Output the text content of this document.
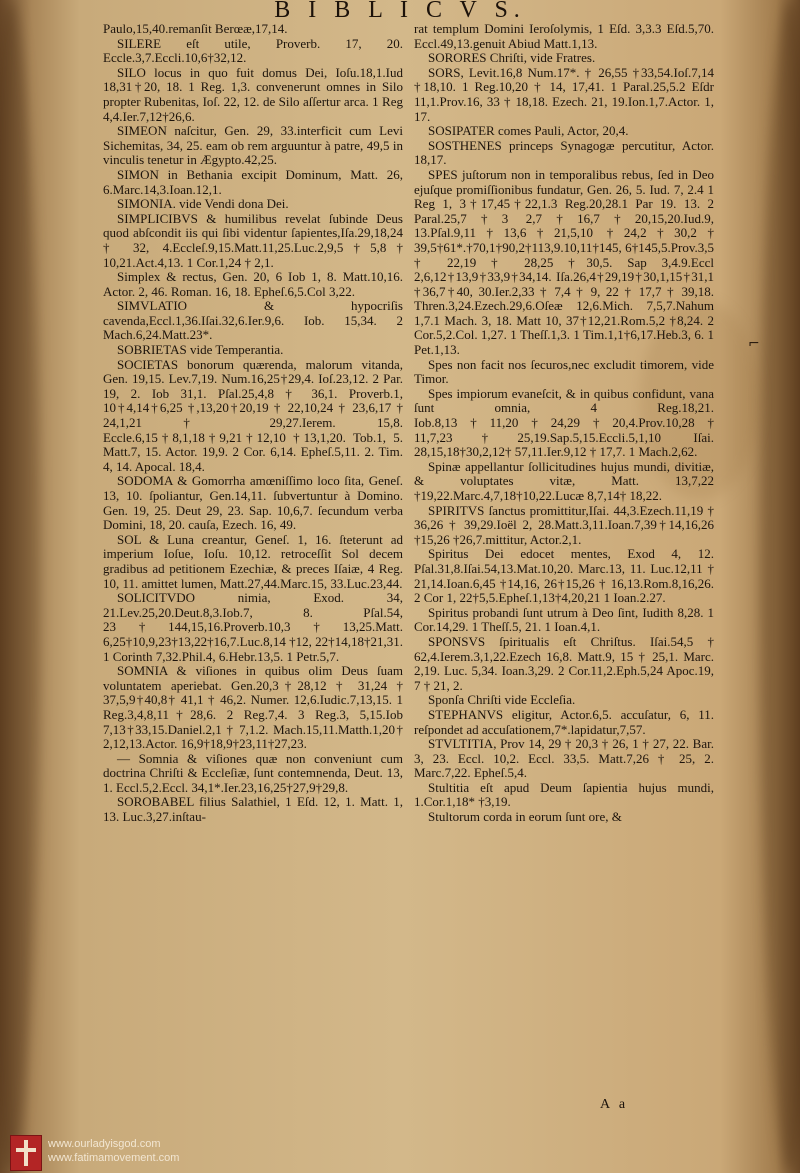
B I B L I C V S.

Paulo,15,40.remanſit Berœæ,17,14.

SILERE eſt utile, Proverb. 17, 20. Eccle.3,7.Eccli.10,6†32,12.

SILO locus in quo fuit domus Dei, Ioſu.18,1.Iud 18,31†20, 18. 1 Reg. 1,3. convenerunt omnes in Silo propter Rubenitas, Ioſ. 22, 12. de Silo aſſertur arca. 1 Reg 4,4.Ier.7,12†26,6.

SIMEON naſcitur, Gen. 29, 33.interficit cum Levi Sichemitas, 34, 25. eam ob rem arguuntur à patre, 49,5 in vinculis tenetur in Ægypto.42,25.

SIMON in Bethania excipit Dominum, Matt. 26, 6.Marc.14,3.Ioan.12,1.

SIMONIA. vide Vendi dona Dei.

SIMPLICIBVS & humilibus revelat ſubinde Deus quod abſcondit iis qui ſibi videntur ſapientes,Iſa.29,18,24 † 32, 4.Eccleſ.9,15.Matt.11,25.Luc.2,9,5†5,8† 10,21.Act.4,13. 1 Cor.1,24 † 2,1.

Simplex & rectus, Gen. 20, 6 Iob 1, 8. Matt.10,16. Actor. 2, 46. Roman. 16, 18. Epheſ.6,5.Col 3,22.

SIMVLATIO & hypocriſis cavenda,Eccl.1,36.Iſai.32,6.Ier.9,6. Iob. 15,34. 2 Mach.6,24.Matt.23*.

SOBRIETAS vide Temperantia.

SOCIETAS bonorum quærenda, malorum vitanda, Gen. 19,15. Lev.7,19. Num.16,25†29,4. Ioſ.23,12. 2 Par. 19, 2. Iob 31,1. Pſal.25,4,8 † 36,1. Proverb.1, 10†4,14†6,25 †,13,20†20,19 † 22,10,24 † 23,6,17 † 24,1,21 † 29,27.Ierem. 15,8. Eccle.6,15†8,1,18†9,21†12,10 †13,1,20. Tob.1, 5. Matt.7, 15. Actor. 19,9. 2 Cor. 6,14. Epheſ.5,11. 2. Tim. 4, 14. Apocal. 18,4.

SODOMA & Gomorrha amœniſſimo loco ſita, Geneſ. 13, 10. ſpoliantur, Gen.14,11. ſubvertuntur à Domino. Gen. 19, 25. Deut 29, 23. Sap. 10,6,7. ſecundum verba Domini, 18, 20. cauſa, Ezech. 16, 49.

SOL & Luna creantur, Geneſ. 1, 16. ſteterunt ad imperium Ioſue, Ioſu. 10,12. retroceſſit Sol decem gradibus ad petitionem Ezechiæ, & preces Iſaiæ, 4 Reg. 10, 11. amittet lumen, Matt.27,44.Marc.15, 33.Luc.23,44.

SOLICITVDO nimia, Exod. 34, 21.Lev.25,20.Deut.8,3.Iob.7, 8. Pſal.54, 23†144,15,16.Proverb.10,3†13,25.Matt. 6,25†10,9,23†13,22†16,7.Luc.8,14 †12, 22†14,18†21,31. 1 Corinth 7,32.Phil.4, 6.Hebr.13,5. 1 Petr.5,7.

SOMNIA & viſiones in quibus olim Deus ſuam voluntatem aperiebat. Gen.20,3†28,12 † 31,24 † 37,5,9†40,8† 41,1 † 46,2. Numer. 12,6.Iudic.7,13,15. 1 Reg.3,4,8,11†28,6. 2 Reg.7,4. 3 Reg.3, 5,15.Iob 7,13†33,15.Daniel.2,1 † 7,1.2. Mach.15,11.Matth.1,20† 2,12,13.Actor. 16,9†18,9†23,11†27,23.

— Somnia & viſiones quæ non conveniunt cum doctrina Chriſti & Eccleſiæ, ſunt contemnenda, Deut. 13, 1. Eccl.5,2.Eccl. 34,1*.Ier.23,16,25†27,9†29,8.

SOROBABEL filius Salathiel, 1 Eſd. 12, 1. Matt. 1, 13. Luc.3,27.inſtau-

rat templum Domini Ieroſolymis, 1 Eſd. 3,3.3 Eſd.5,70. Eccl.49,13.genuit Abiud Matt.1,13.

SORORES Chriſti, vide Fratres.

SORS, Levit.16,8 Num.17*. † 26,55 †33,54.Ioſ.7,14 †18,10. 1 Reg.10,20 † 14, 17,41. 1 Paral.25,5.2 Eſdr 11,1.Prov.16, 33 † 18,18. Ezech. 21, 19.Ion.1,7.Actor. 1, 17.

SOSIPATER comes Pauli, Actor, 20,4.

SOSTHENES princeps Synagogæ percutitur, Actor. 18,17.

SPES juſtorum non in temporalibus rebus, ſed in Deo ejuſque promiſſionibus fundatur, Gen. 26, 5. Iud. 7, 2.4 1 Reg 1, 3†17,45†22,1.3 Reg.20,28.1 Par 19. 13. 2 Paral.25,7†3 2,7†16,7†20,15,20.Iud.9, 13.Pſal.9,11†13,6†21,5,10 †24,2†30,2† 39,5†61*.†70,1†90,2†113,9.10,11†145, 6†145,5.Prov.3,5 † 22,19 † 28,25 †30,5. Sap 3,4.9.Eccl 2,6,12†13,9†33,9†34,14. Iſa.26,4†29,19†30,1,15†31,1 †36,7†40, 30.Ier.2,33 † 7,4 † 9, 22 † 17,7 † 39,18. Thren.3,24.Ezech.29,6.Oſeæ 12,6.Mich. 7,5,7.Nahum 1,7.1 Mach. 3, 18. Matt 10, 37†12,21.Rom.5,2 †8,24. 2 Cor.5,2.Col. 1,27. 1 Theſſ.1,3. 1 Tim.1,1†6,17.Heb.3, 6. 1 Pet.1,13.

Spes non facit nos ſecuros,nec excludit timorem, vide Timor.

Spes impiorum evaneſcit, & in quibus confidunt, vana ſunt omnia, 4 Reg.18,21. Iob.8,13†11,20†24,29†20,4.Prov.10,28† 11,7,23†25,19.Sap.5,15.Eccli.5,1,10 Iſai. 28,15,18†30,2,12† 57,11.Ier.9,12 † 17,7. 1 Mach.2,62.

Spinæ appellantur ſollicitudines hujus mundi, divitiæ, & voluptates vitæ, Matt. 13,7,22 †19,22.Marc.4,7,18†10,22.Lucæ 8,7,14† 18,22.

SPIRITVS ſanctus promittitur,Iſai. 44,3.Ezech.11,19 † 36,26 † 39,29.Ioël 2, 28.Matt.3,11.Ioan.7,39†14,16,26 †15,26 †26,7.mittitur, Actor.2,1.

Spiritus Dei edocet mentes, Exod 4, 12. Pſal.31,8.Iſai.54,13.Mat.10,20. Marc.13, 11. Luc.12,11 † 21,14.Ioan.6,45 †14,16, 26†15,26 † 16,13.Rom.8,16,26. 2 Cor 1, 22†5,5.Epheſ.1,13†4,20,21 1 Ioan.2.27.

Spiritus probandi ſunt utrum à Deo ſint, Iudith 8,28. 1 Cor.14,29. 1 Theſſ.5, 21. 1 Ioan.4,1.

SPONSVS ſpiritualis eſt Chriſtus. Iſai.54,5 † 62,4.Ierem.3,1,22.Ezech 16,8. Matt.9, 15 † 25,1. Marc. 2,19. Luc. 5,34. Ioan.3,29. 2 Cor.11,2.Eph.5,24 Apoc.19, 7 † 21, 2.

Sponſa Chriſti vide Eccleſia.

STEPHANVS eligitur, Actor.6,5. accuſatur, 6, 11. reſpondet ad accuſationem,7*.lapidatur,7,57.

STVLTITIA, Prov 14, 29 † 20,3 † 26, 1 † 27, 22. Bar. 3, 23. Eccl. 10,2. Eccl. 33,5. Matt.7,26 † 25, 2. Marc.7,22. Epheſ.5,4.

Stultitia eſt apud Deum ſapientia hujus mundi, 1.Cor.1,18* †3,19.

Stultorum corda in eorum ſunt ore, &

A a
⌐
www.ourladyisgod.com
www.fatimamovement.com
